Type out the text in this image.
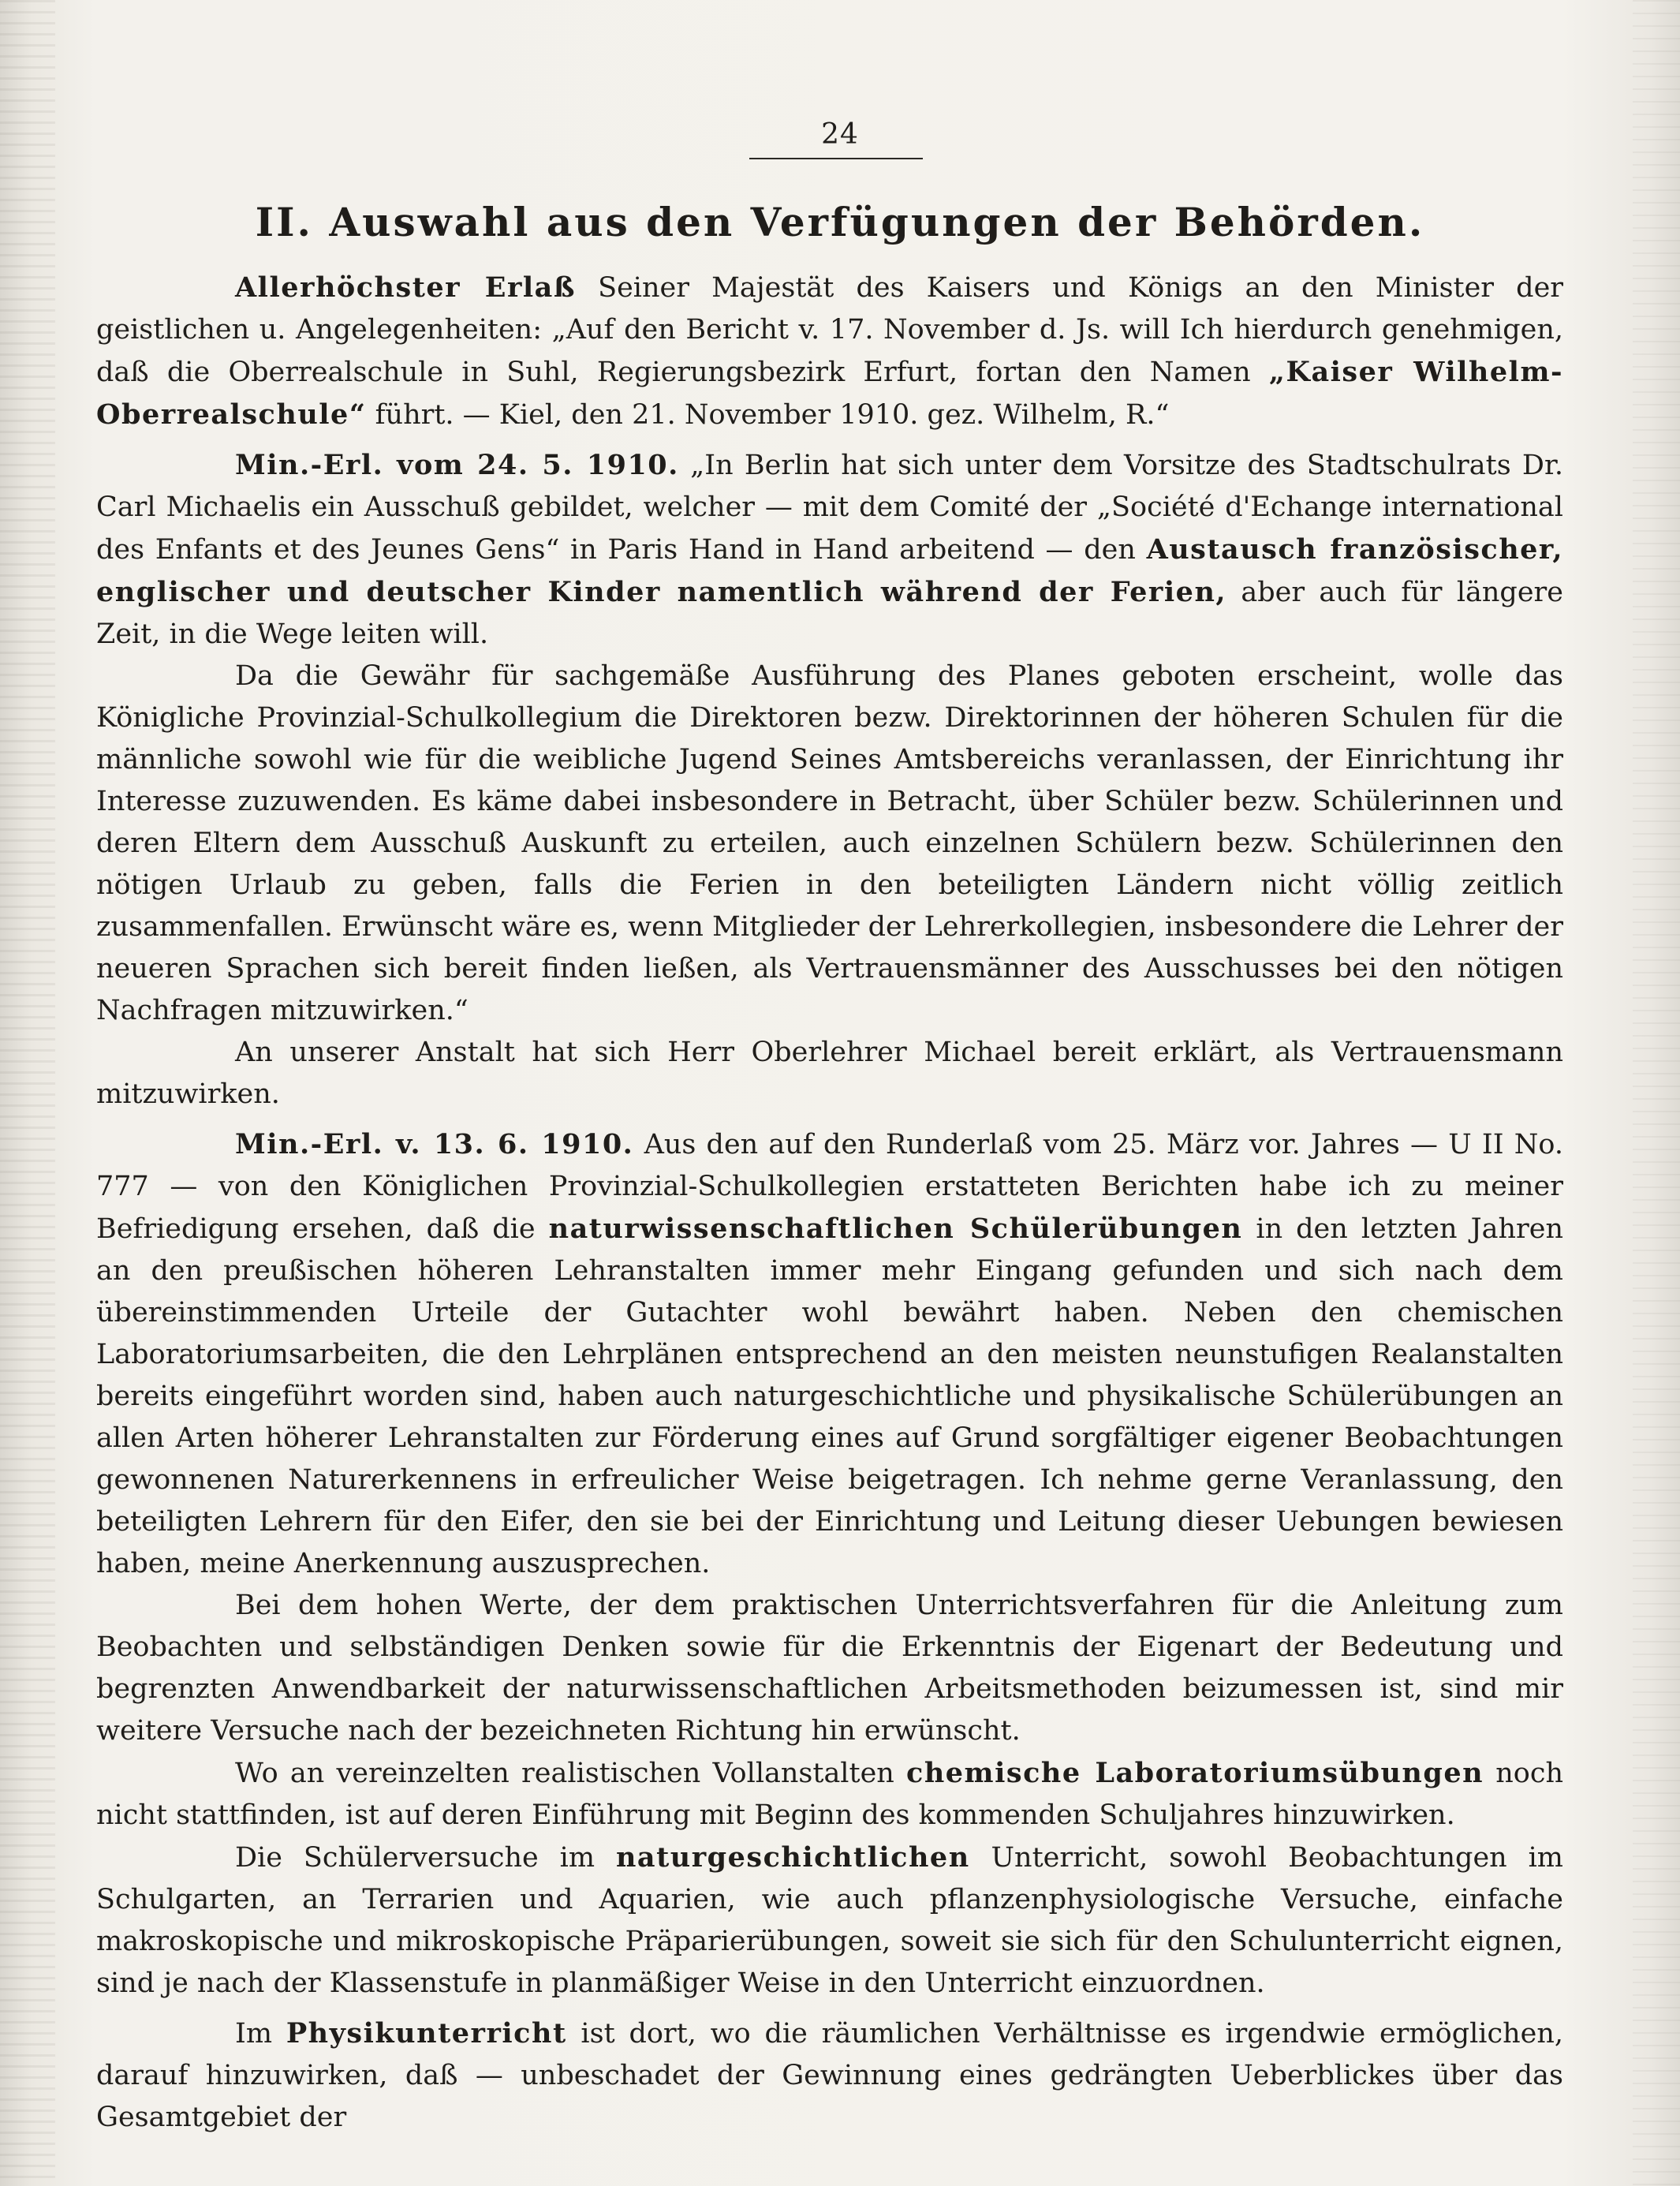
24
II. Auswahl aus den Verfügungen der Behörden.

Allerhöchster Erlaß Seiner Majestät des Kaisers und Königs an den Minister der geistlichen u. Angelegenheiten: „Auf den Bericht v. 17. November d. Js. will Ich hierdurch genehmigen, daß die Oberrealschule in Suhl, Regierungsbezirk Erfurt, fortan den Namen „Kaiser Wilhelm-Oberrealschule“ führt. — Kiel, den 21. November 1910. gez. Wilhelm, R.“

Min.-Erl. vom 24. 5. 1910. „In Berlin hat sich unter dem Vorsitze des Stadtschulrats Dr. Carl Michaelis ein Ausschuß gebildet, welcher — mit dem Comité der „Société d'Echange international des Enfants et des Jeunes Gens“ in Paris Hand in Hand arbeitend — den Austausch französischer, englischer und deutscher Kinder namentlich während der Ferien, aber auch für längere Zeit, in die Wege leiten will.

Da die Gewähr für sachgemäße Ausführung des Planes geboten erscheint, wolle das Königliche Provinzial-Schulkollegium die Direktoren bezw. Direktorinnen der höheren Schulen für die männliche sowohl wie für die weibliche Jugend Seines Amtsbereichs veranlassen, der Einrichtung ihr Interesse zuzuwenden. Es käme dabei insbesondere in Betracht, über Schüler bezw. Schülerinnen und deren Eltern dem Ausschuß Auskunft zu erteilen, auch einzelnen Schülern bezw. Schülerinnen den nötigen Urlaub zu geben, falls die Ferien in den beteiligten Ländern nicht völlig zeitlich zusammenfallen. Erwünscht wäre es, wenn Mitglieder der Lehrerkollegien, insbesondere die Lehrer der neueren Sprachen sich bereit finden ließen, als Vertrauensmänner des Ausschusses bei den nötigen Nachfragen mitzuwirken.“

An unserer Anstalt hat sich Herr Oberlehrer Michael bereit erklärt, als Vertrauensmann mitzuwirken.

Min.-Erl. v. 13. 6. 1910. Aus den auf den Runderlaß vom 25. März vor. Jahres — U II No. 777 — von den Königlichen Provinzial-Schulkollegien erstatteten Berichten habe ich zu meiner Befriedigung ersehen, daß die naturwissenschaftlichen Schülerübungen in den letzten Jahren an den preußischen höheren Lehranstalten immer mehr Eingang gefunden und sich nach dem übereinstimmenden Urteile der Gutachter wohl bewährt haben. Neben den chemischen Laboratoriumsarbeiten, die den Lehrplänen entsprechend an den meisten neunstufigen Realanstalten bereits eingeführt worden sind, haben auch naturgeschichtliche und physikalische Schülerübungen an allen Arten höherer Lehranstalten zur Förderung eines auf Grund sorgfältiger eigener Beobachtungen gewonnenen Naturerkennens in erfreulicher Weise beigetragen. Ich nehme gerne Veranlassung, den beteiligten Lehrern für den Eifer, den sie bei der Einrichtung und Leitung dieser Uebungen bewiesen haben, meine Anerkennung auszusprechen.

Bei dem hohen Werte, der dem praktischen Unterrichtsverfahren für die Anleitung zum Beobachten und selbständigen Denken sowie für die Erkenntnis der Eigenart der Bedeutung und begrenzten Anwendbarkeit der naturwissenschaftlichen Arbeitsmethoden beizumessen ist, sind mir weitere Versuche nach der bezeichneten Richtung hin erwünscht.

Wo an vereinzelten realistischen Vollanstalten chemische Laboratoriumsübungen noch nicht stattfinden, ist auf deren Einführung mit Beginn des kommenden Schuljahres hinzuwirken.

Die Schülerversuche im naturgeschichtlichen Unterricht, sowohl Beobachtungen im Schulgarten, an Terrarien und Aquarien, wie auch pflanzenphysiologische Versuche, einfache makroskopische und mikroskopische Präparierübungen, soweit sie sich für den Schulunterricht eignen, sind je nach der Klassenstufe in planmäßiger Weise in den Unterricht einzuordnen.

Im Physikunterricht ist dort, wo die räumlichen Verhältnisse es irgendwie ermöglichen, darauf hinzuwirken, daß — unbeschadet der Gewinnung eines gedrängten Ueberblickes über das Gesamtgebiet der
